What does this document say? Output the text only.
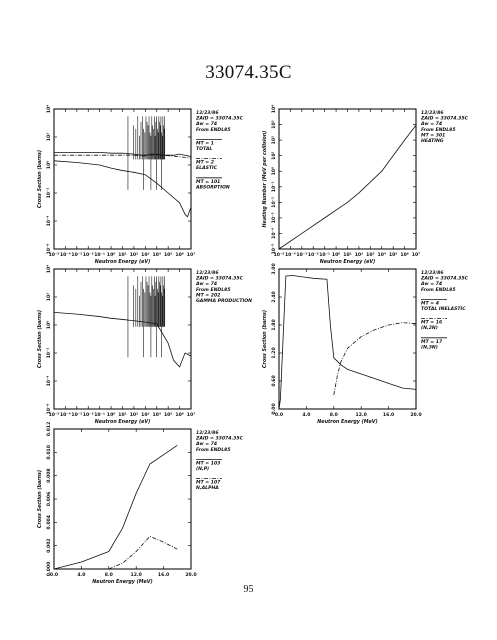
33074.35C
10⁻⁵ 10⁻⁴ 10⁻³ 10⁻² 10⁻¹ 10⁰ 10¹ 10² 10³ 10⁴ 10⁵ 10⁶ 10⁷
10⁻⁶
10⁻⁴
10⁻²
10⁰
10²
10⁴
Neutron Energy (eV)
Cross Section (barns)
12/23/86
ZAID = 33074.35C
Aw = 74
From ENDL85
MT = 1
TOTAL
MT = 2
ELASTIC
MT = 101
ABSORPTION
10⁻⁵ 10⁻⁴ 10⁻³ 10⁻² 10⁻¹ 10⁰ 10¹ 10² 10³ 10⁴ 10⁵ 10⁶ 10⁷
10⁻⁵
10⁻⁴
10⁻³
10⁻²
10⁻¹
10⁰
10¹
10²
10³
10⁴
Neutron Energy (eV)
Heating Number (MeV per collision)
12/23/86
ZAID = 33074.35C
Aw = 74
From ENDL85
MT = 301
HEATING
10⁻⁵ 10⁻⁴ 10⁻³ 10⁻² 10⁻¹ 10⁰ 10¹ 10² 10³ 10⁴ 10⁵ 10⁶ 10⁷
10⁻⁶
10⁻⁴
10⁻²
10⁰
10²
10⁴
Neutron Energy (eV)
Cross Section (barns)
12/23/86
ZAID = 33074.35C
Aw = 74
From ENDL85
MT = 202
GAMMA PRODUCTION
0.0	4.0	8.0	12.0	16.0	20.0
0.00
0.60
1.20
1.80
2.40
3.00
Neutron Energy (MeV)
Cross Section (barns)
12/23/86
ZAID = 33074.35C
Aw = 74
From ENDL85
MT = 4
TOTAL INELASTIC
MT = 16
(N,2N)
MT = 17
(N,3N)
0.0	4.0	8.0	12.0	16.0	20.0
0.000
0.002
0.004
0.006
0.008
0.010
0.012
Neutron Energy (MeV)
Cross Section (barns)
12/23/86
ZAID = 33074.35C
Aw = 74
From ENDL85
MT = 103
(N,P)
MT = 107
N,ALPHA
95
